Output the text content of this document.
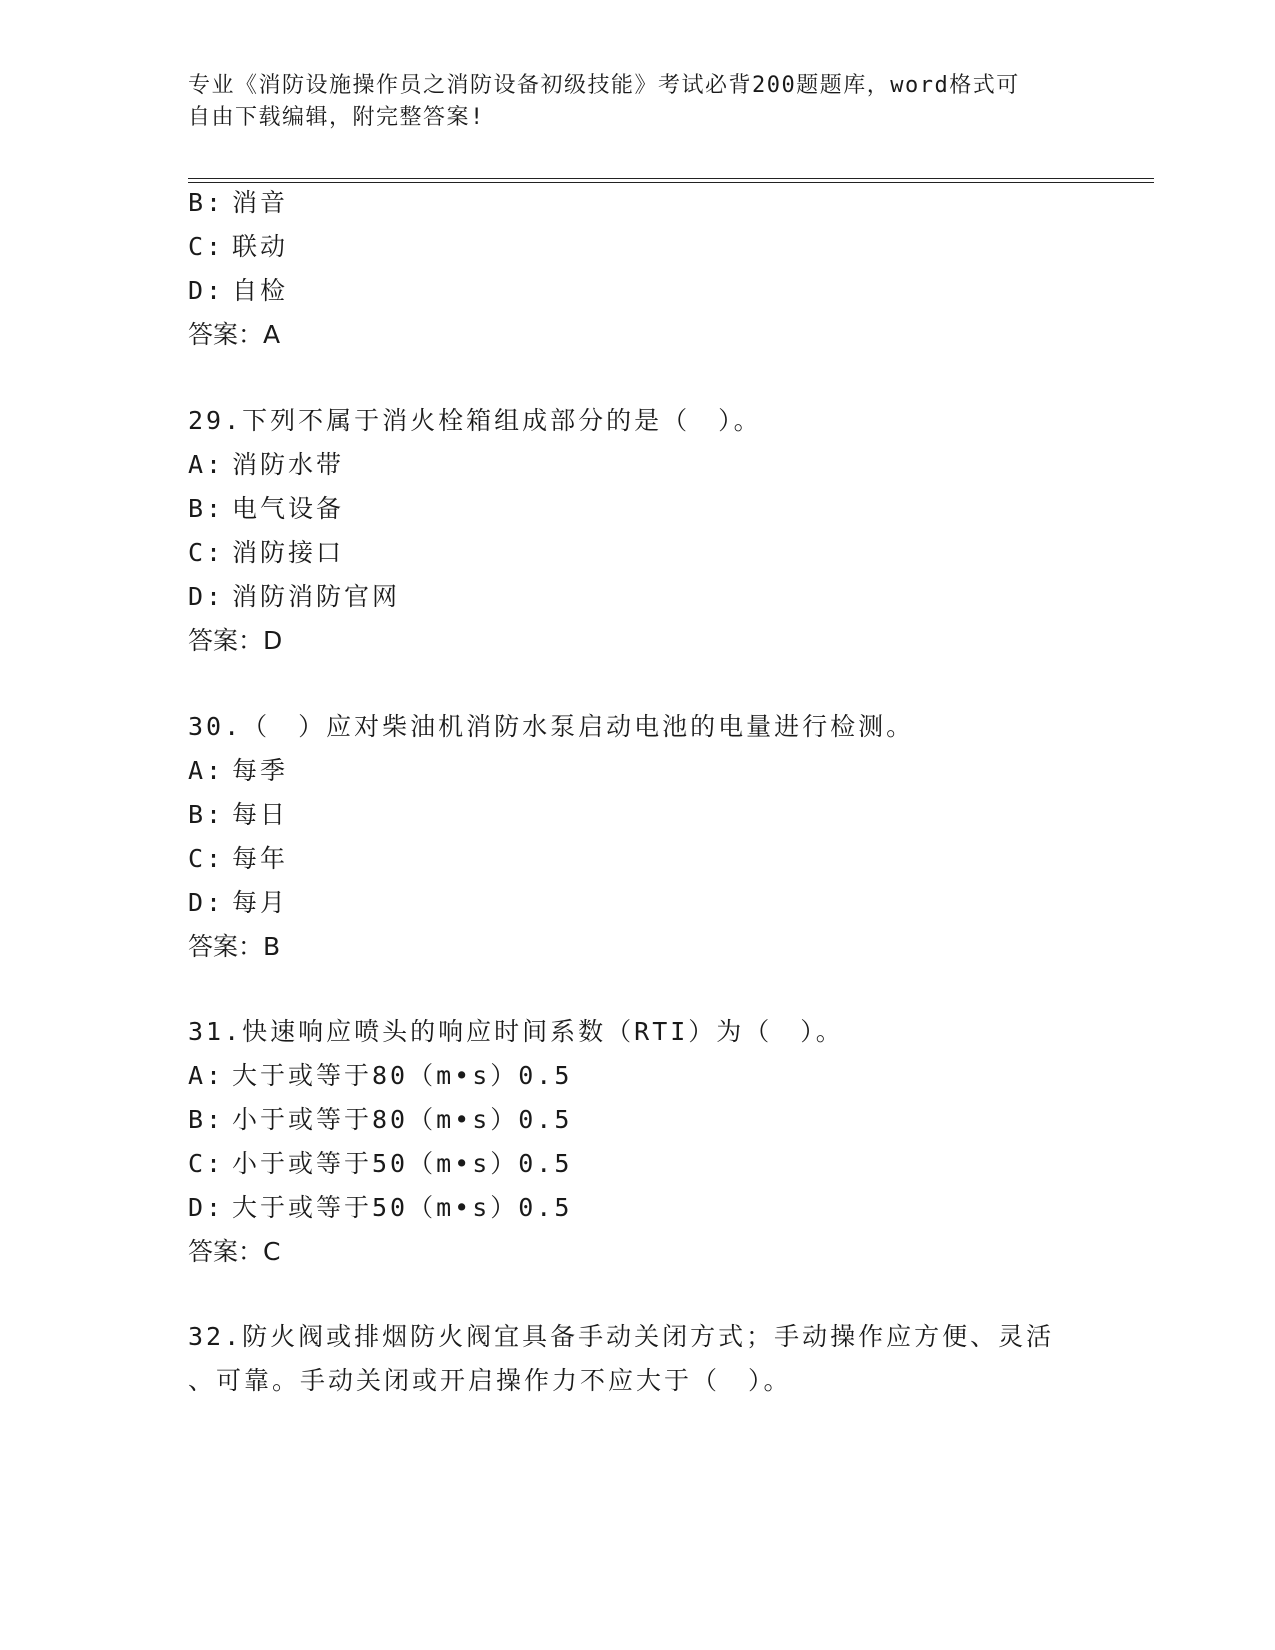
专业《消防设施操作员之消防设备初级技能》考试必背200题题库，word格式可
自由下载编辑，附完整答案!
B: 消音
C: 联动
D: 自检
答案：A
29.下列不属于消火栓箱组成部分的是（　）。
A: 消防水带
B: 电气设备
C: 消防接口
D: 消防消防官网
答案：D
30.（　）应对柴油机消防水泵启动电池的电量进行检测。
A: 每季
B: 每日
C: 每年
D: 每月
答案：B
31.快速响应喷头的响应时间系数（RTI）为（　）。
A: 大于或等于80（m•s）0.5
B: 小于或等于80（m•s）0.5
C: 小于或等于50（m•s）0.5
D: 大于或等于50（m•s）0.5
答案：C
32.防火阀或排烟防火阀宜具备手动关闭方式；手动操作应方便、灵活
、可靠。手动关闭或开启操作力不应大于（　）。
